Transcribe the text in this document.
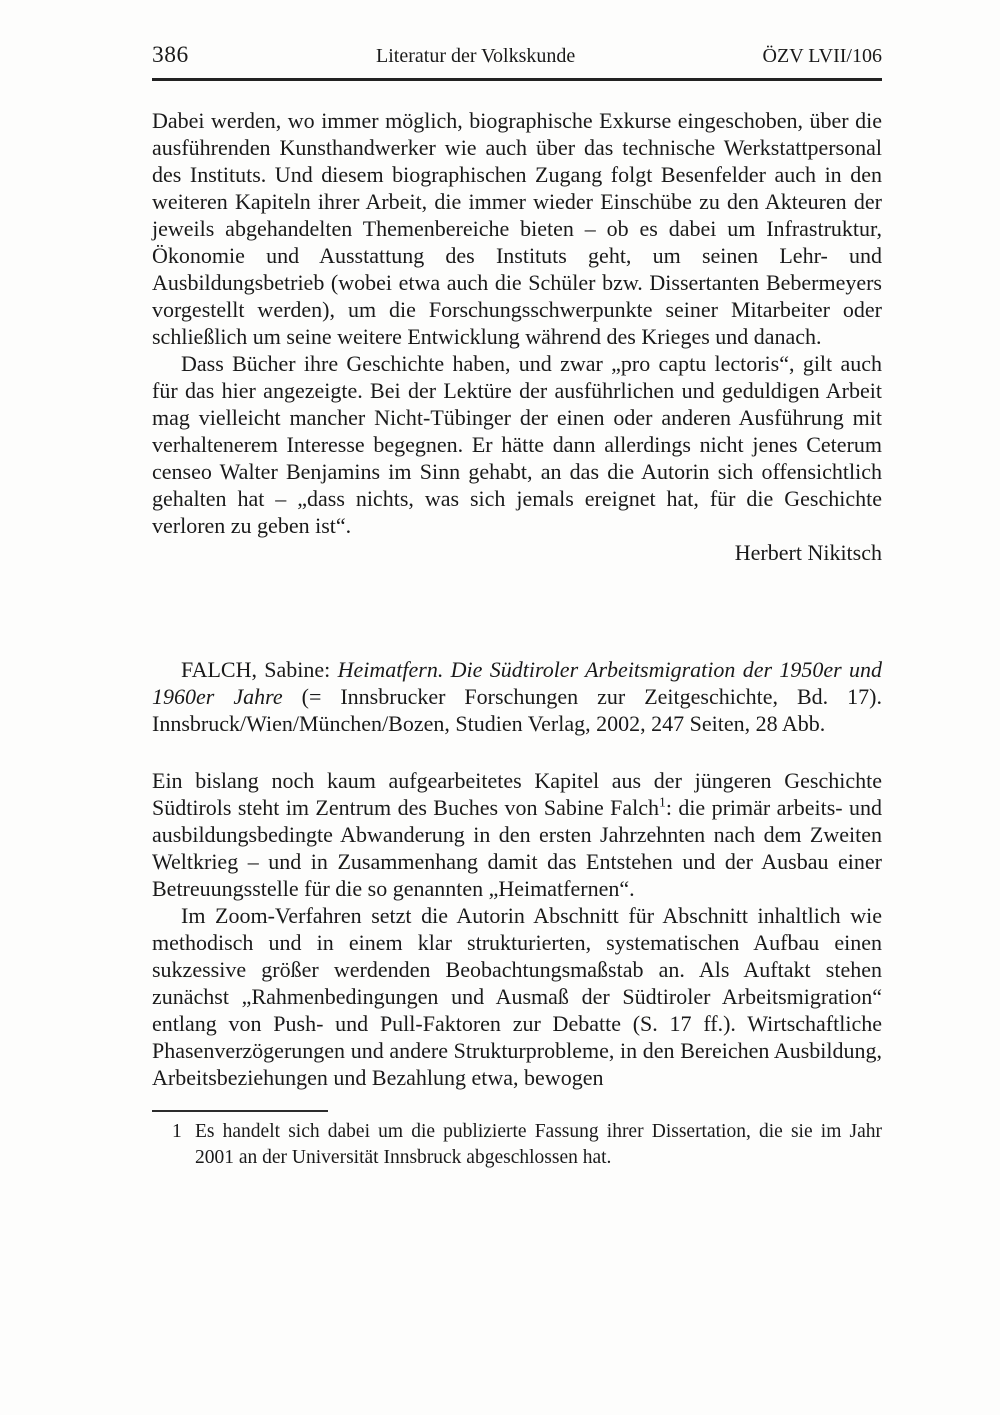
386	Literatur der Volkskunde	ÖZV LVII/106

Dabei werden, wo immer möglich, biographische Exkurse eingeschoben, über die ausführenden Kunsthandwerker wie auch über das technische Werkstattpersonal des Instituts. Und diesem biographischen Zugang folgt Besenfelder auch in den weiteren Kapiteln ihrer Arbeit, die immer wieder Einschübe zu den Akteuren der jeweils abgehandelten Themenbereiche bieten – ob es dabei um Infrastruktur, Ökonomie und Ausstattung des Instituts geht, um seinen Lehr- und Ausbildungsbetrieb (wobei etwa auch die Schüler bzw. Dissertanten Bebermeyers vorgestellt werden), um die Forschungsschwerpunkte seiner Mitarbeiter oder schließlich um seine weitere Entwicklung während des Krieges und danach.

Dass Bücher ihre Geschichte haben, und zwar „pro captu lectoris“, gilt auch für das hier angezeigte. Bei der Lektüre der ausführlichen und geduldigen Arbeit mag vielleicht mancher Nicht-Tübinger der einen oder anderen Ausführung mit verhaltenerem Interesse begegnen. Er hätte dann allerdings nicht jenes Ceterum censeo Walter Benjamins im Sinn gehabt, an das die Autorin sich offensichtlich gehalten hat – „dass nichts, was sich jemals ereignet hat, für die Geschichte verloren zu geben ist“.

Herbert Nikitsch

FALCH, Sabine: Heimatfern. Die Südtiroler Arbeitsmigration der 1950er und 1960er Jahre (= Innsbrucker Forschungen zur Zeitgeschichte, Bd. 17). Innsbruck/Wien/München/Bozen, Studien Verlag, 2002, 247 Seiten, 28 Abb.

Ein bislang noch kaum aufgearbeitetes Kapitel aus der jüngeren Geschichte Südtirols steht im Zentrum des Buches von Sabine Falch$^1$: die primär arbeits- und ausbildungsbedingte Abwanderung in den ersten Jahrzehnten nach dem Zweiten Weltkrieg – und in Zusammenhang damit das Entstehen und der Ausbau einer Betreuungsstelle für die so genannten „Heimatfernen“.

Im Zoom-Verfahren setzt die Autorin Abschnitt für Abschnitt inhaltlich wie methodisch und in einem klar strukturierten, systematischen Aufbau einen sukzessive größer werdenden Beobachtungsmaßstab an. Als Auftakt stehen zunächst „Rahmenbedingungen und Ausmaß der Südtiroler Arbeitsmigration“ entlang von Push- und Pull-Faktoren zur Debatte (S. 17 ff.). Wirtschaftliche Phasenverzögerungen und andere Strukturprobleme, in den Bereichen Ausbildung, Arbeitsbeziehungen und Bezahlung etwa, bewogen

1 Es handelt sich dabei um die publizierte Fassung ihrer Dissertation, die sie im Jahr 2001 an der Universität Innsbruck abgeschlossen hat.
